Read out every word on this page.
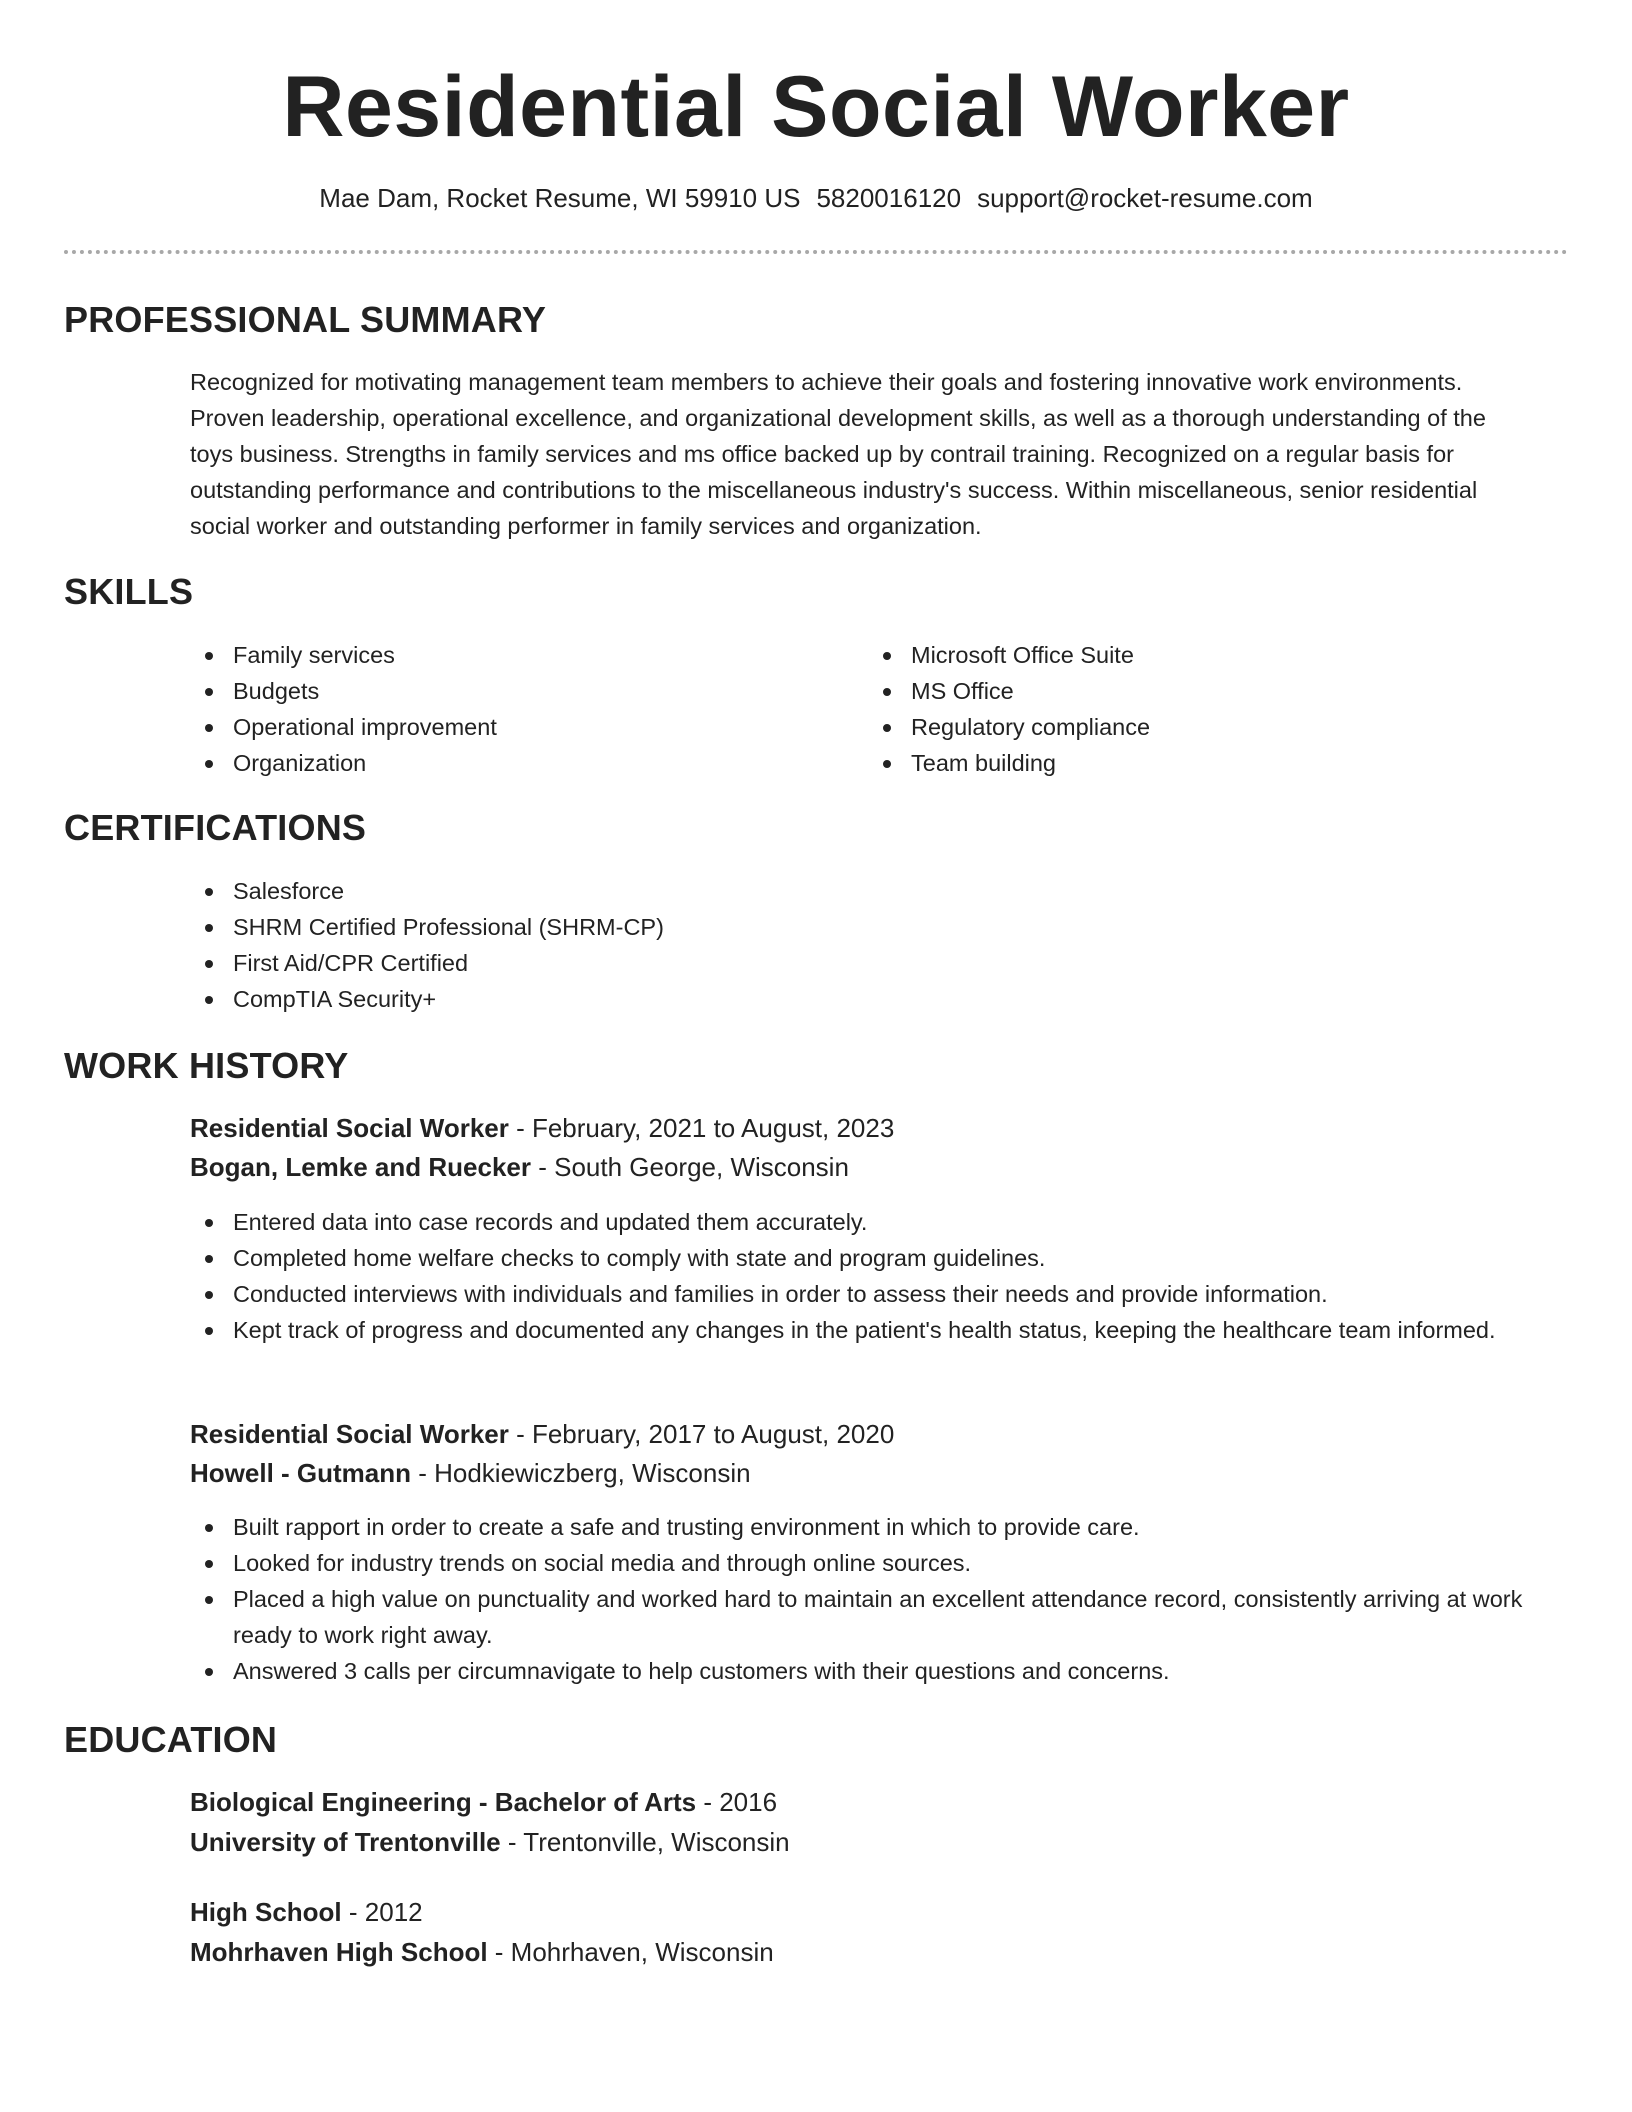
Residential Social Worker
Mae Dam, Rocket Resume, WI 59910 US 5820016120 support@rocket-resume.com
PROFESSIONAL SUMMARY
Recognized for motivating management team members to achieve their goals and fostering innovative work environments.
Proven leadership, operational excellence, and organizational development skills, as well as a thorough understanding of the
toys business. Strengths in family services and ms office backed up by contrail training. Recognized on a regular basis for
outstanding performance and contributions to the miscellaneous industry's success. Within miscellaneous, senior residential
social worker and outstanding performer in family services and organization.
SKILLS
Family services
Budgets
Operational improvement
Organization
Microsoft Office Suite
MS Office
Regulatory compliance
Team building
CERTIFICATIONS
Salesforce
SHRM Certified Professional (SHRM-CP)
First Aid/CPR Certified
CompTIA Security+
WORK HISTORY
Residential Social Worker - February, 2021 to August, 2023
Bogan, Lemke and Ruecker - South George, Wisconsin
Entered data into case records and updated them accurately.
Completed home welfare checks to comply with state and program guidelines.
Conducted interviews with individuals and families in order to assess their needs and provide information.
Kept track of progress and documented any changes in the patient's health status, keeping the healthcare team informed.
Residential Social Worker - February, 2017 to August, 2020
Howell - Gutmann - Hodkiewiczberg, Wisconsin
Built rapport in order to create a safe and trusting environment in which to provide care.
Looked for industry trends on social media and through online sources.
Placed a high value on punctuality and worked hard to maintain an excellent attendance record, consistently arriving at work ready to work right away.
Answered 3 calls per circumnavigate to help customers with their questions and concerns.
EDUCATION
Biological Engineering - Bachelor of Arts - 2016
University of Trentonville - Trentonville, Wisconsin
High School - 2012
Mohrhaven High School - Mohrhaven, Wisconsin
